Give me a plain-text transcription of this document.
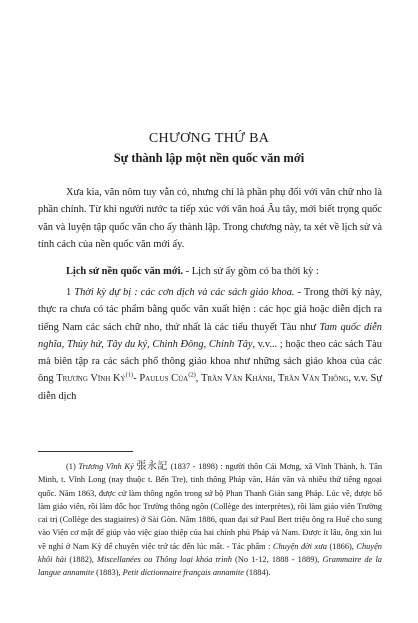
CHƯƠNG THỨ BA
Sự thành lập một nền quốc văn mới

Xưa kia, văn nôm tuy vẫn có, nhưng chỉ là phần phụ đối với văn chữ nho là phần chính. Từ khi người nước ta tiếp xúc với văn hoá Âu tây, mới biết trọng quốc văn và luyện tập quốc văn cho ấy thành lập. Trong chương này, ta xét về lịch sử và tính cách của nền quốc văn mới ấy.

Lịch sử nền quốc văn mới. - Lịch sử ấy gồm có ba thời kỳ :

1 Thời kỳ dự bị : các cơn dịch và các sách giáo khoa. - Trong thời kỳ này, thực ra chưa có tác phẩm bằng quốc văn xuất hiện : các học giả hoặc diễn dịch ra tiếng Nam các sách chữ nho, thứ nhất là các tiểu thuyết Tàu như Tam quốc diễn nghĩa, Thủy hử, Tây du ký, Chinh Đông, Chinh Tây, v.v... ; hoặc theo các sách Tàu mà biên tập ra các sách phổ thông giáo khoa như những sách giáo khoa của các ông Trương Vĩnh $Ký^{(1)}-$ Paulus Của$^{(2)}$, Trần Văn Khánh, Trần Văn Thông, v.v. Sự diễn dịch

(1) Trương Vĩnh Ký 張永記 (1837 - 1898) : người thôn Cái Mơng, xã Vĩnh Thành, h. Tân Minh, t. Vĩnh Long (nay thuộc t. Bến Tre), tinh thông Pháp văn, Hán văn và nhiều thứ tiếng ngoại quốc. Năm 1863, được cử làm thông ngôn trong sứ bộ Phan Thanh Giản sang Pháp. Lúc về, được bổ làm giáo viên, rồi làm đốc học Trường thông ngôn (Collège des interprètes), rồi làm giáo viên Trường cai trị (Collège des stagiaires) ở Sài Gòn. Năm 1886, quan đại sứ Paul Bert triệu ông ra Huế cho sung vào Viện cơ mật để giúp vào việc giao thiệp của hai chính phủ Pháp và Nam. Được ít lâu, ông xin lui về nghỉ ở Nam Kỳ để chuyên việc trứ tác đến lúc mất. - Tác phẩm : Chuyện đời xưa (1866), Chuyện khôi hài (1882), Miscellanées ou Thông loại khóa trình (No 1-12, 1888 - 1889), Grammaire de la langue annamite (1883), Petit dictionnaire français annamite (1884).
